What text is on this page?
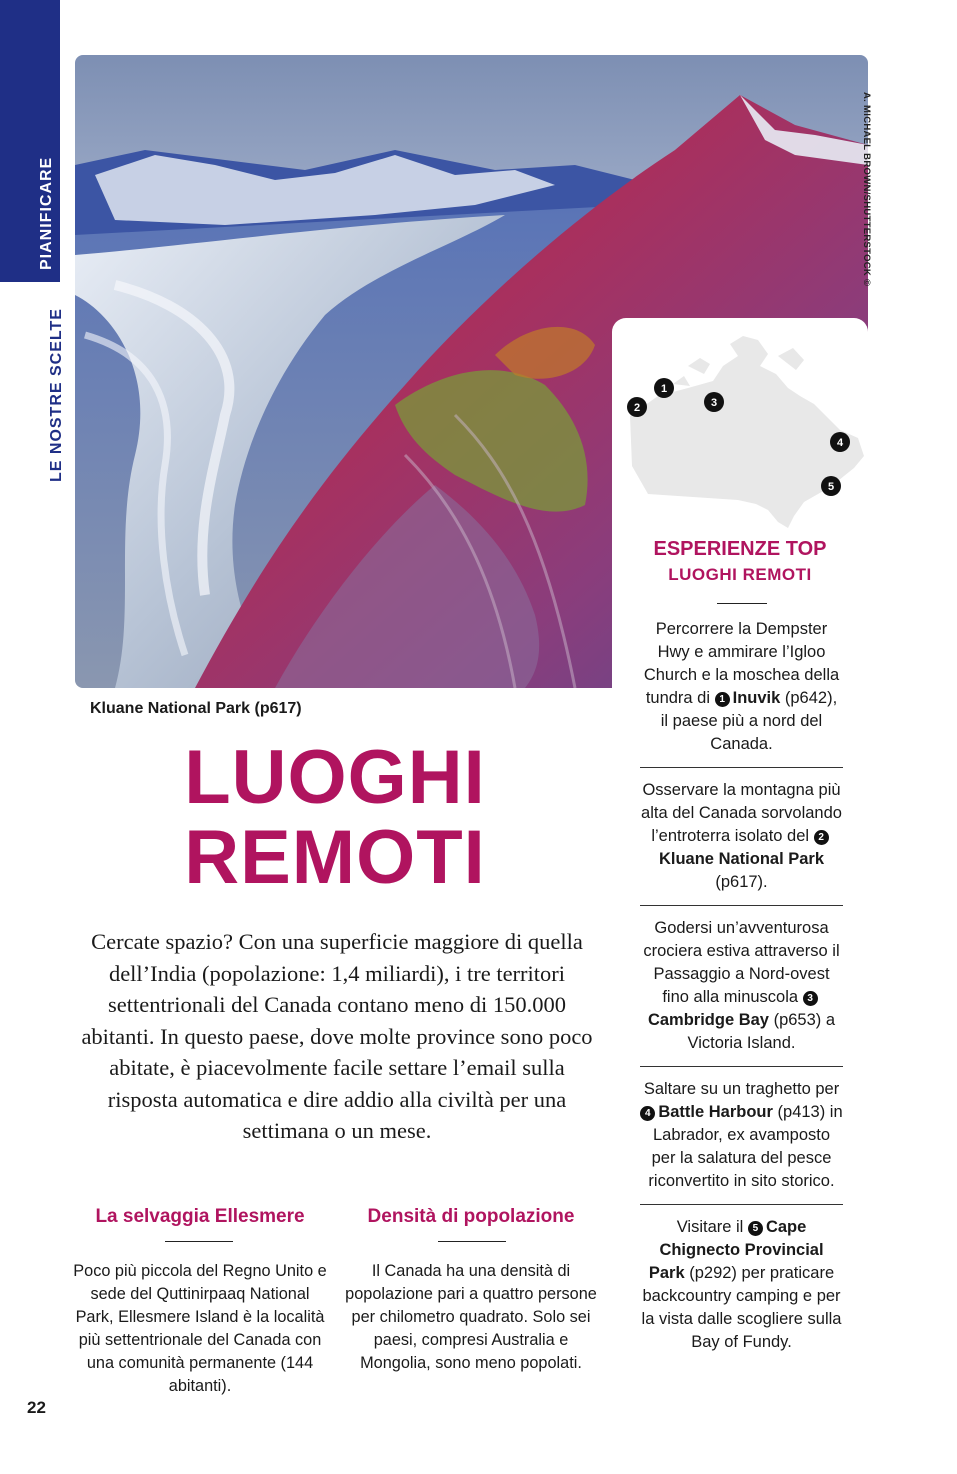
PIANIFICARE
LE NOSTRE SCELTE
A. MICHAEL BROWN/SHUTTERSTOCK ©
1
2	3
4
5
ESPERIENZE TOP
LUOGHI REMOTI
Percorrere la Dempster Hwy e ammirare l’Igloo Church e la moschea della tundra di 1 Inuvik (p642), il paese più a nord del Canada.
Osservare la montagna più alta del Canada sorvolando l’entroterra isolato del 2Kluane National Park (p617).
Godersi un’avventurosa crociera estiva attraverso il Passaggio a Nord-ovest fino alla minuscola 3Cambridge Bay (p653) a Victoria Island.
Saltare su un traghetto per 4 Battle Harbour (p413) in Labrador, ex avamposto per la salatura del pesce riconvertito in sito storico.
Visitare il 5 Cape Chignecto Provincial Park (p292) per praticare backcountry camping e per la vista dalle scogliere sulla Bay of Fundy.
Kluane National Park (p617)
LUOGHI
REMOTI
Cercate spazio? Con una superficie maggiore di quella dell’India (popolazione: 1,4 miliardi), i tre territori settentrionali del Canada contano meno di 150.000 abitanti. In questo paese, dove molte province sono poco abitate, è piacevolmente facile settare l’email sulla risposta automatica e dire addio alla civiltà per una settimana o un mese.
La selvaggia Ellesmere
Poco più piccola del Regno Unito e sede del Quttinirpaaq National Park, Ellesmere Island è la località più settentrionale del Canada con una comunità permanente (144 abitanti).
Densità di popolazione
Il Canada ha una densità di popolazione pari a quattro persone per chilometro quadrato. Solo sei paesi, compresi Australia e Mongolia, sono meno popolati.
22
